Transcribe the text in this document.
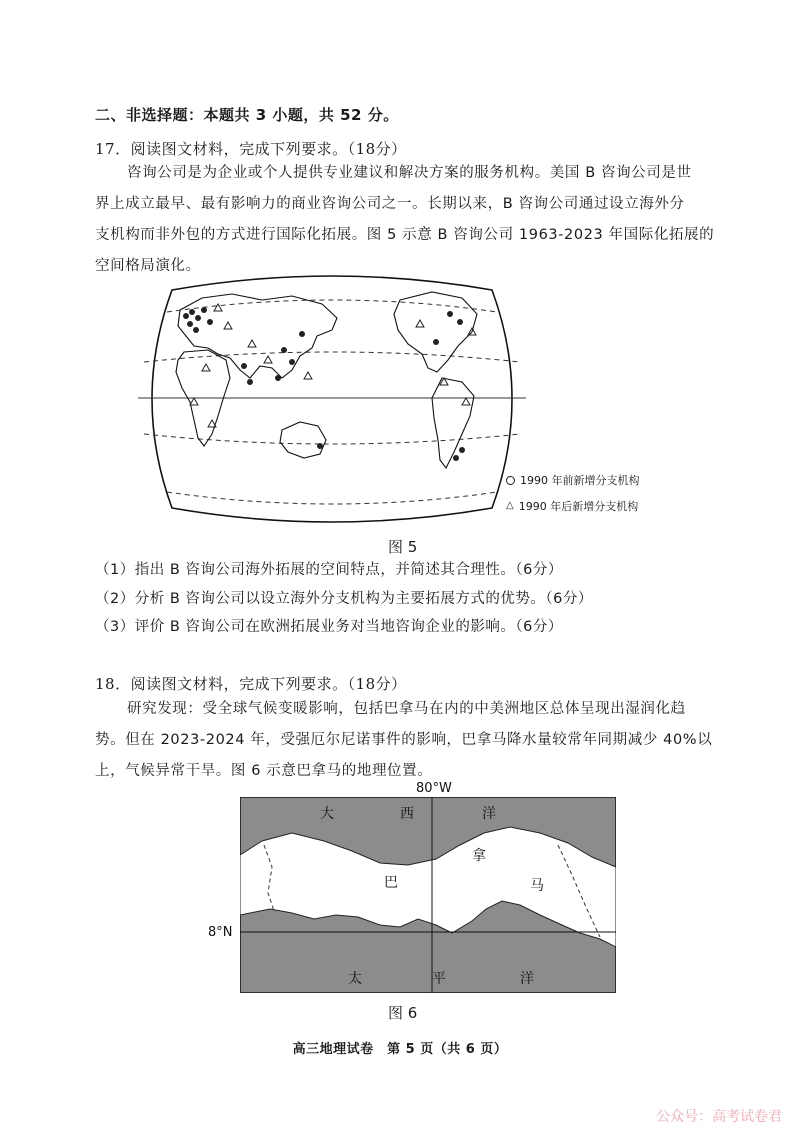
二、非选择题：本题共 3 小题，共 52 分。
17．阅读图文材料，完成下列要求。（18分）
咨询公司是为企业或个人提供专业建议和解决方案的服务机构。美国 B 咨询公司是世
界上成立最早、最有影响力的商业咨询公司之一。长期以来，B 咨询公司通过设立海外分
支机构而非外包的方式进行国际化拓展。图 5 示意 B 咨询公司 1963-2023 年国际化拓展的
空间格局演化。
1990 年前新增分支机构
△ 1990 年后新增分支机构
图 5
（1）指出 B 咨询公司海外拓展的空间特点，并简述其合理性。（6分）
（2）分析 B 咨询公司以设立海外分支机构为主要拓展方式的优势。（6分）
（3）评价 B 咨询公司在欧洲拓展业务对当地咨询企业的影响。（6分）
18．阅读图文材料，完成下列要求。（18分）
研究发现：受全球气候变暖影响，包括巴拿马在内的中美洲地区总体呈现出湿润化趋
势。但在 2023-2024 年，受强厄尔尼诺事件的影响，巴拿马降水量较常年同期减少 40%以
上，气候异常干旱。图 6 示意巴拿马的地理位置。
80°W
8°N
大	西	洋
巴
拿
马
太	平	洋
图 6
高三地理试卷　第 5 页（共 6 页）
公众号：高考试卷君
